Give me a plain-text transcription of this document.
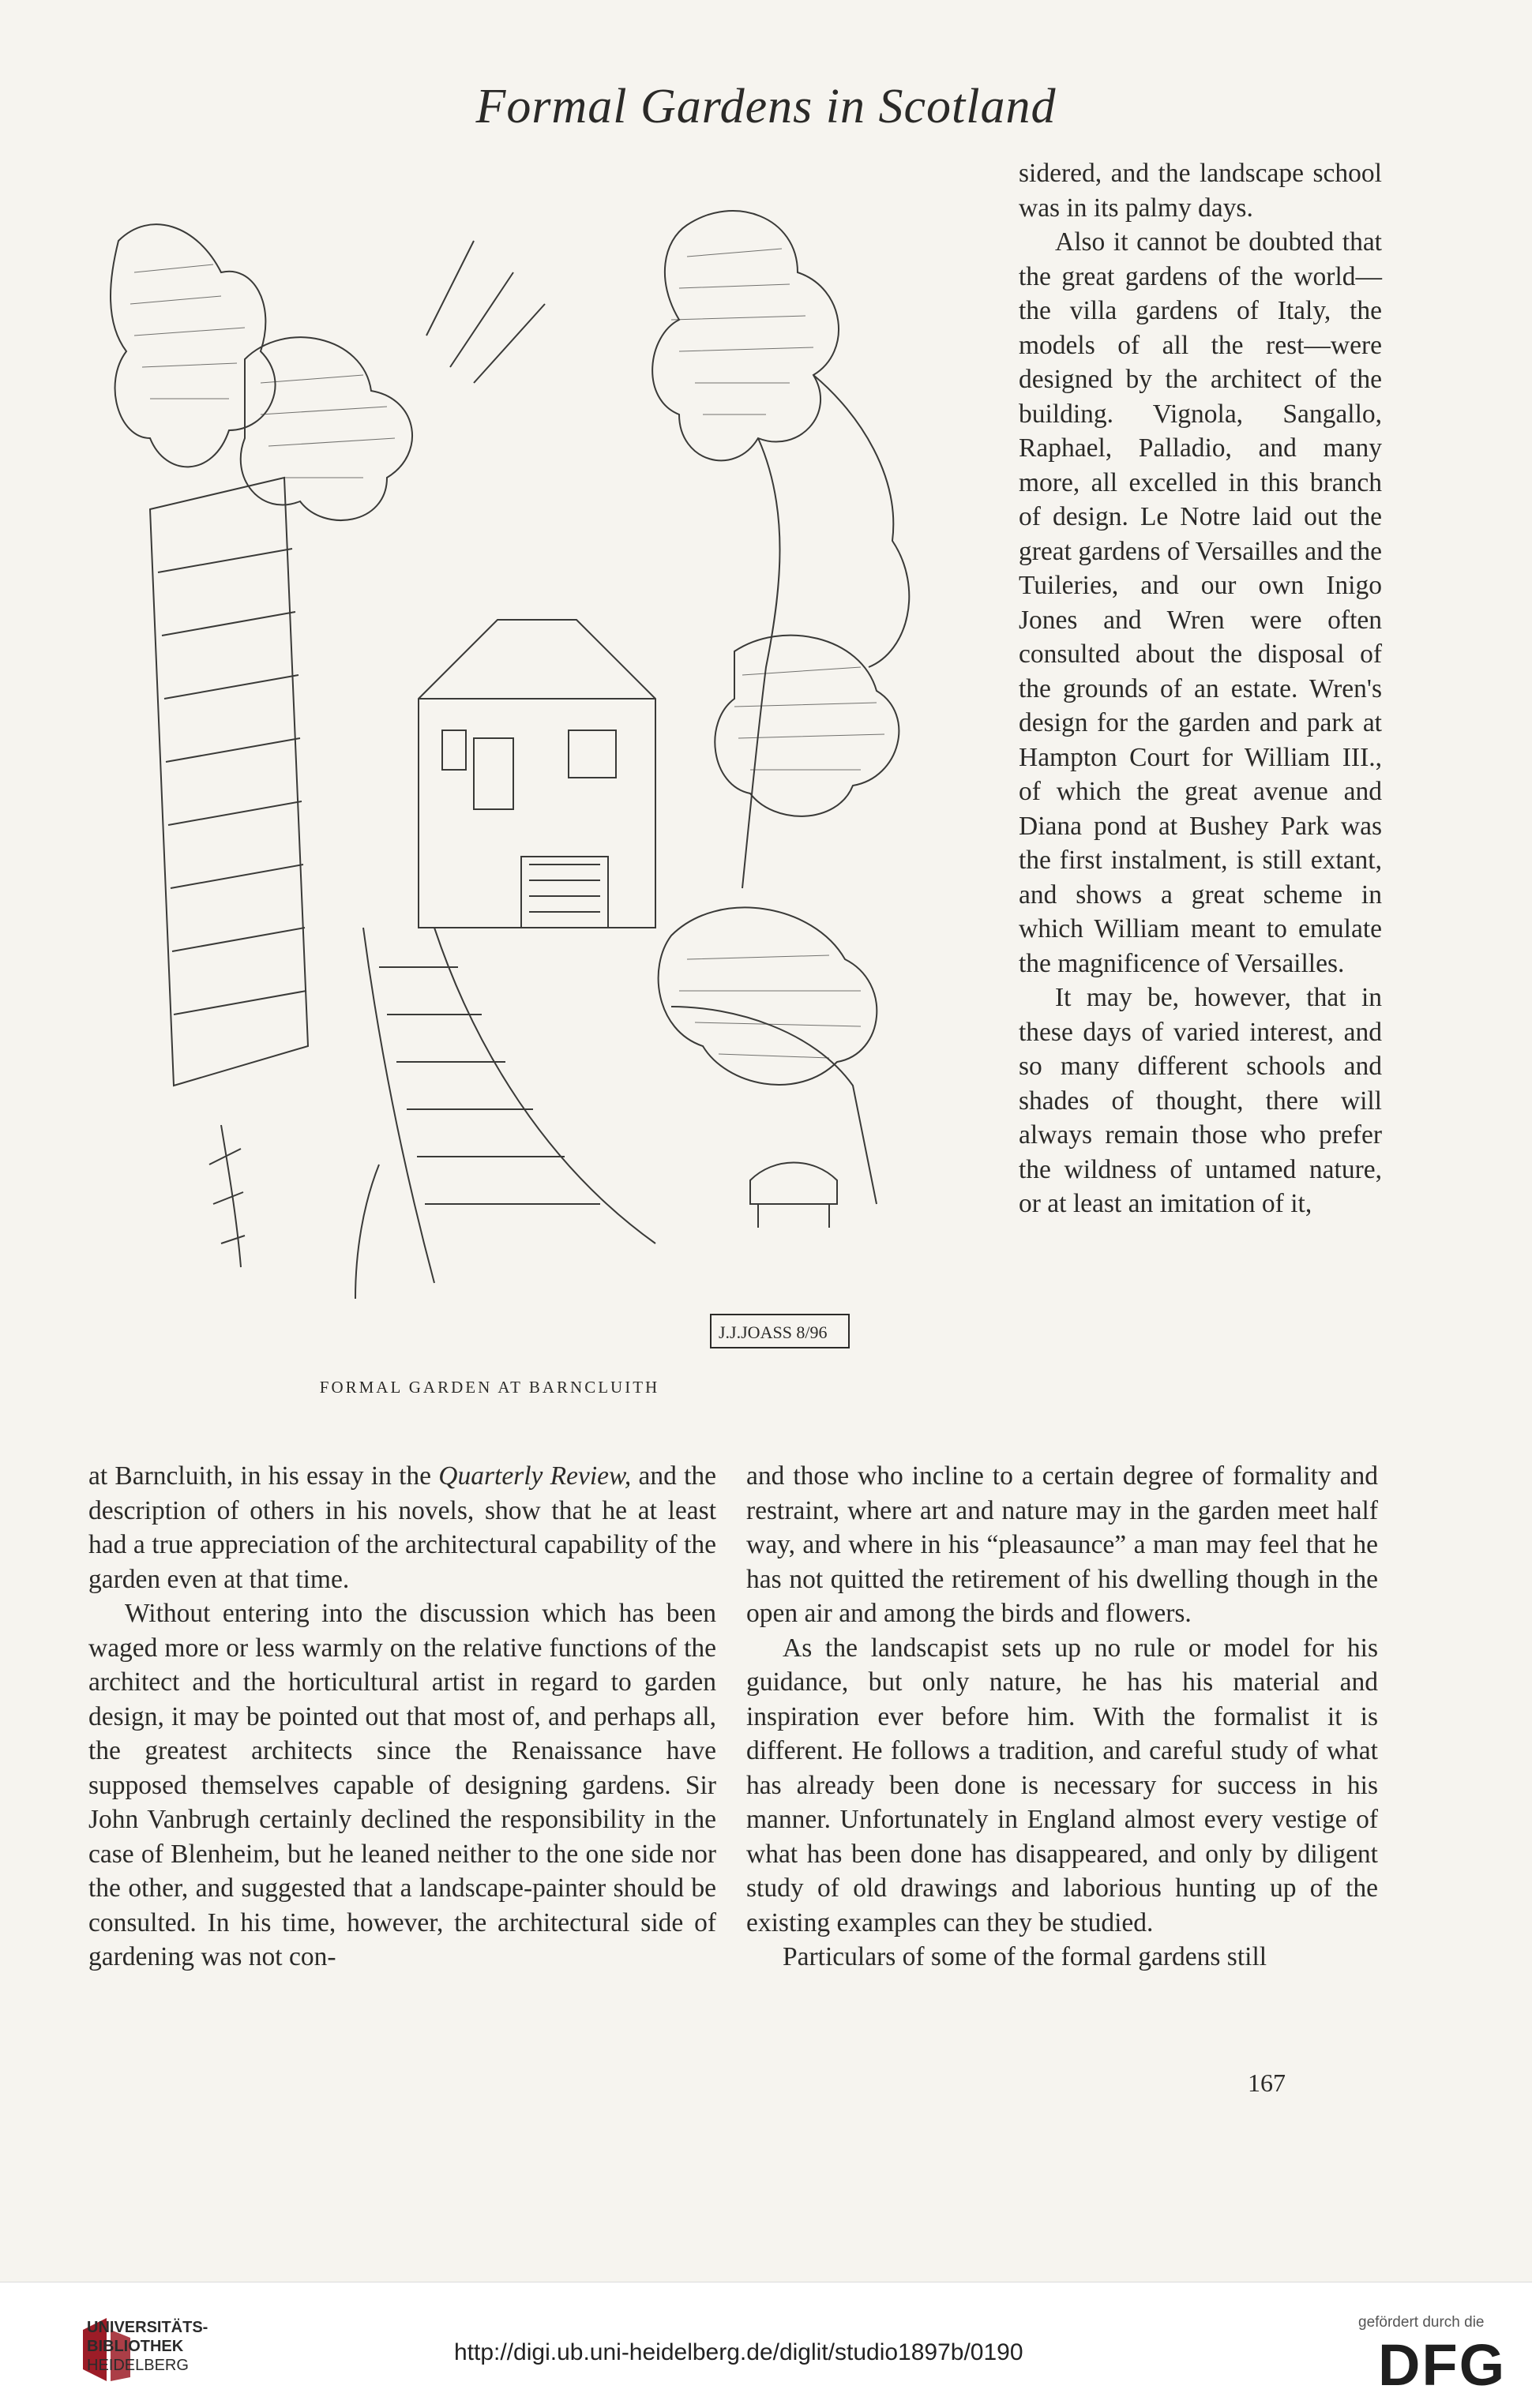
Formal Gardens in Scotland
J.J.JOASS 8/96
FORMAL GARDEN AT BARNCLUITH

sidered, and the landscape school was in its palmy days.

Also it cannot be doubted that the great gardens of the world—the villa gardens of Italy, the models of all the rest—were designed by the architect of the building. Vignola, Sangallo, Raphael, Palladio, and many more, all excelled in this branch of design. Le Notre laid out the great gardens of Versailles and the Tuileries, and our own Inigo Jones and Wren were often consulted about the disposal of the grounds of an estate. Wren's design for the garden and park at Hampton Court for William III., of which the great avenue and Diana pond at Bushey Park was the first instalment, is still extant, and shows a great scheme in which William meant to emulate the magnificence of Versailles.

It may be, however, that in these days of varied interest, and so many different schools and shades of thought, there will always remain those who prefer the wildness of untamed nature, or at least an imitation of it,

at Barncluith, in his essay in the Quarterly Review, and the description of others in his novels, show that he at least had a true appreciation of the architectural capability of the garden even at that time.

Without entering into the discussion which has been waged more or less warmly on the relative functions of the architect and the horticultural artist in regard to garden design, it may be pointed out that most of, and perhaps all, the greatest architects since the Renaissance have supposed themselves capable of designing gardens. Sir John Vanbrugh certainly declined the responsibility in the case of Blenheim, but he leaned neither to the one side nor the other, and suggested that a landscape-painter should be consulted. In his time, however, the architectural side of gardening was not con-

and those who incline to a certain degree of formality and restraint, where art and nature may in the garden meet half way, and where in his “pleasaunce” a man may feel that he has not quitted the retirement of his dwelling though in the open air and among the birds and flowers.

As the landscapist sets up no rule or model for his guidance, but only nature, he has his material and inspiration ever before him. With the formalist it is different. He follows a tradition, and careful study of what has already been done is necessary for success in his manner. Unfortunately in England almost every vestige of what has been done has disappeared, and only by diligent study of old drawings and laborious hunting up of the existing examples can they be studied.

Particulars of some of the formal gardens still

167
UNIVERSITÄTS-
BIBLIOTHEK
HEIDELBERG	http://digi.ub.uni-heidelberg.de/diglit/studio1897b/0190
gefördert durch die
DFG
